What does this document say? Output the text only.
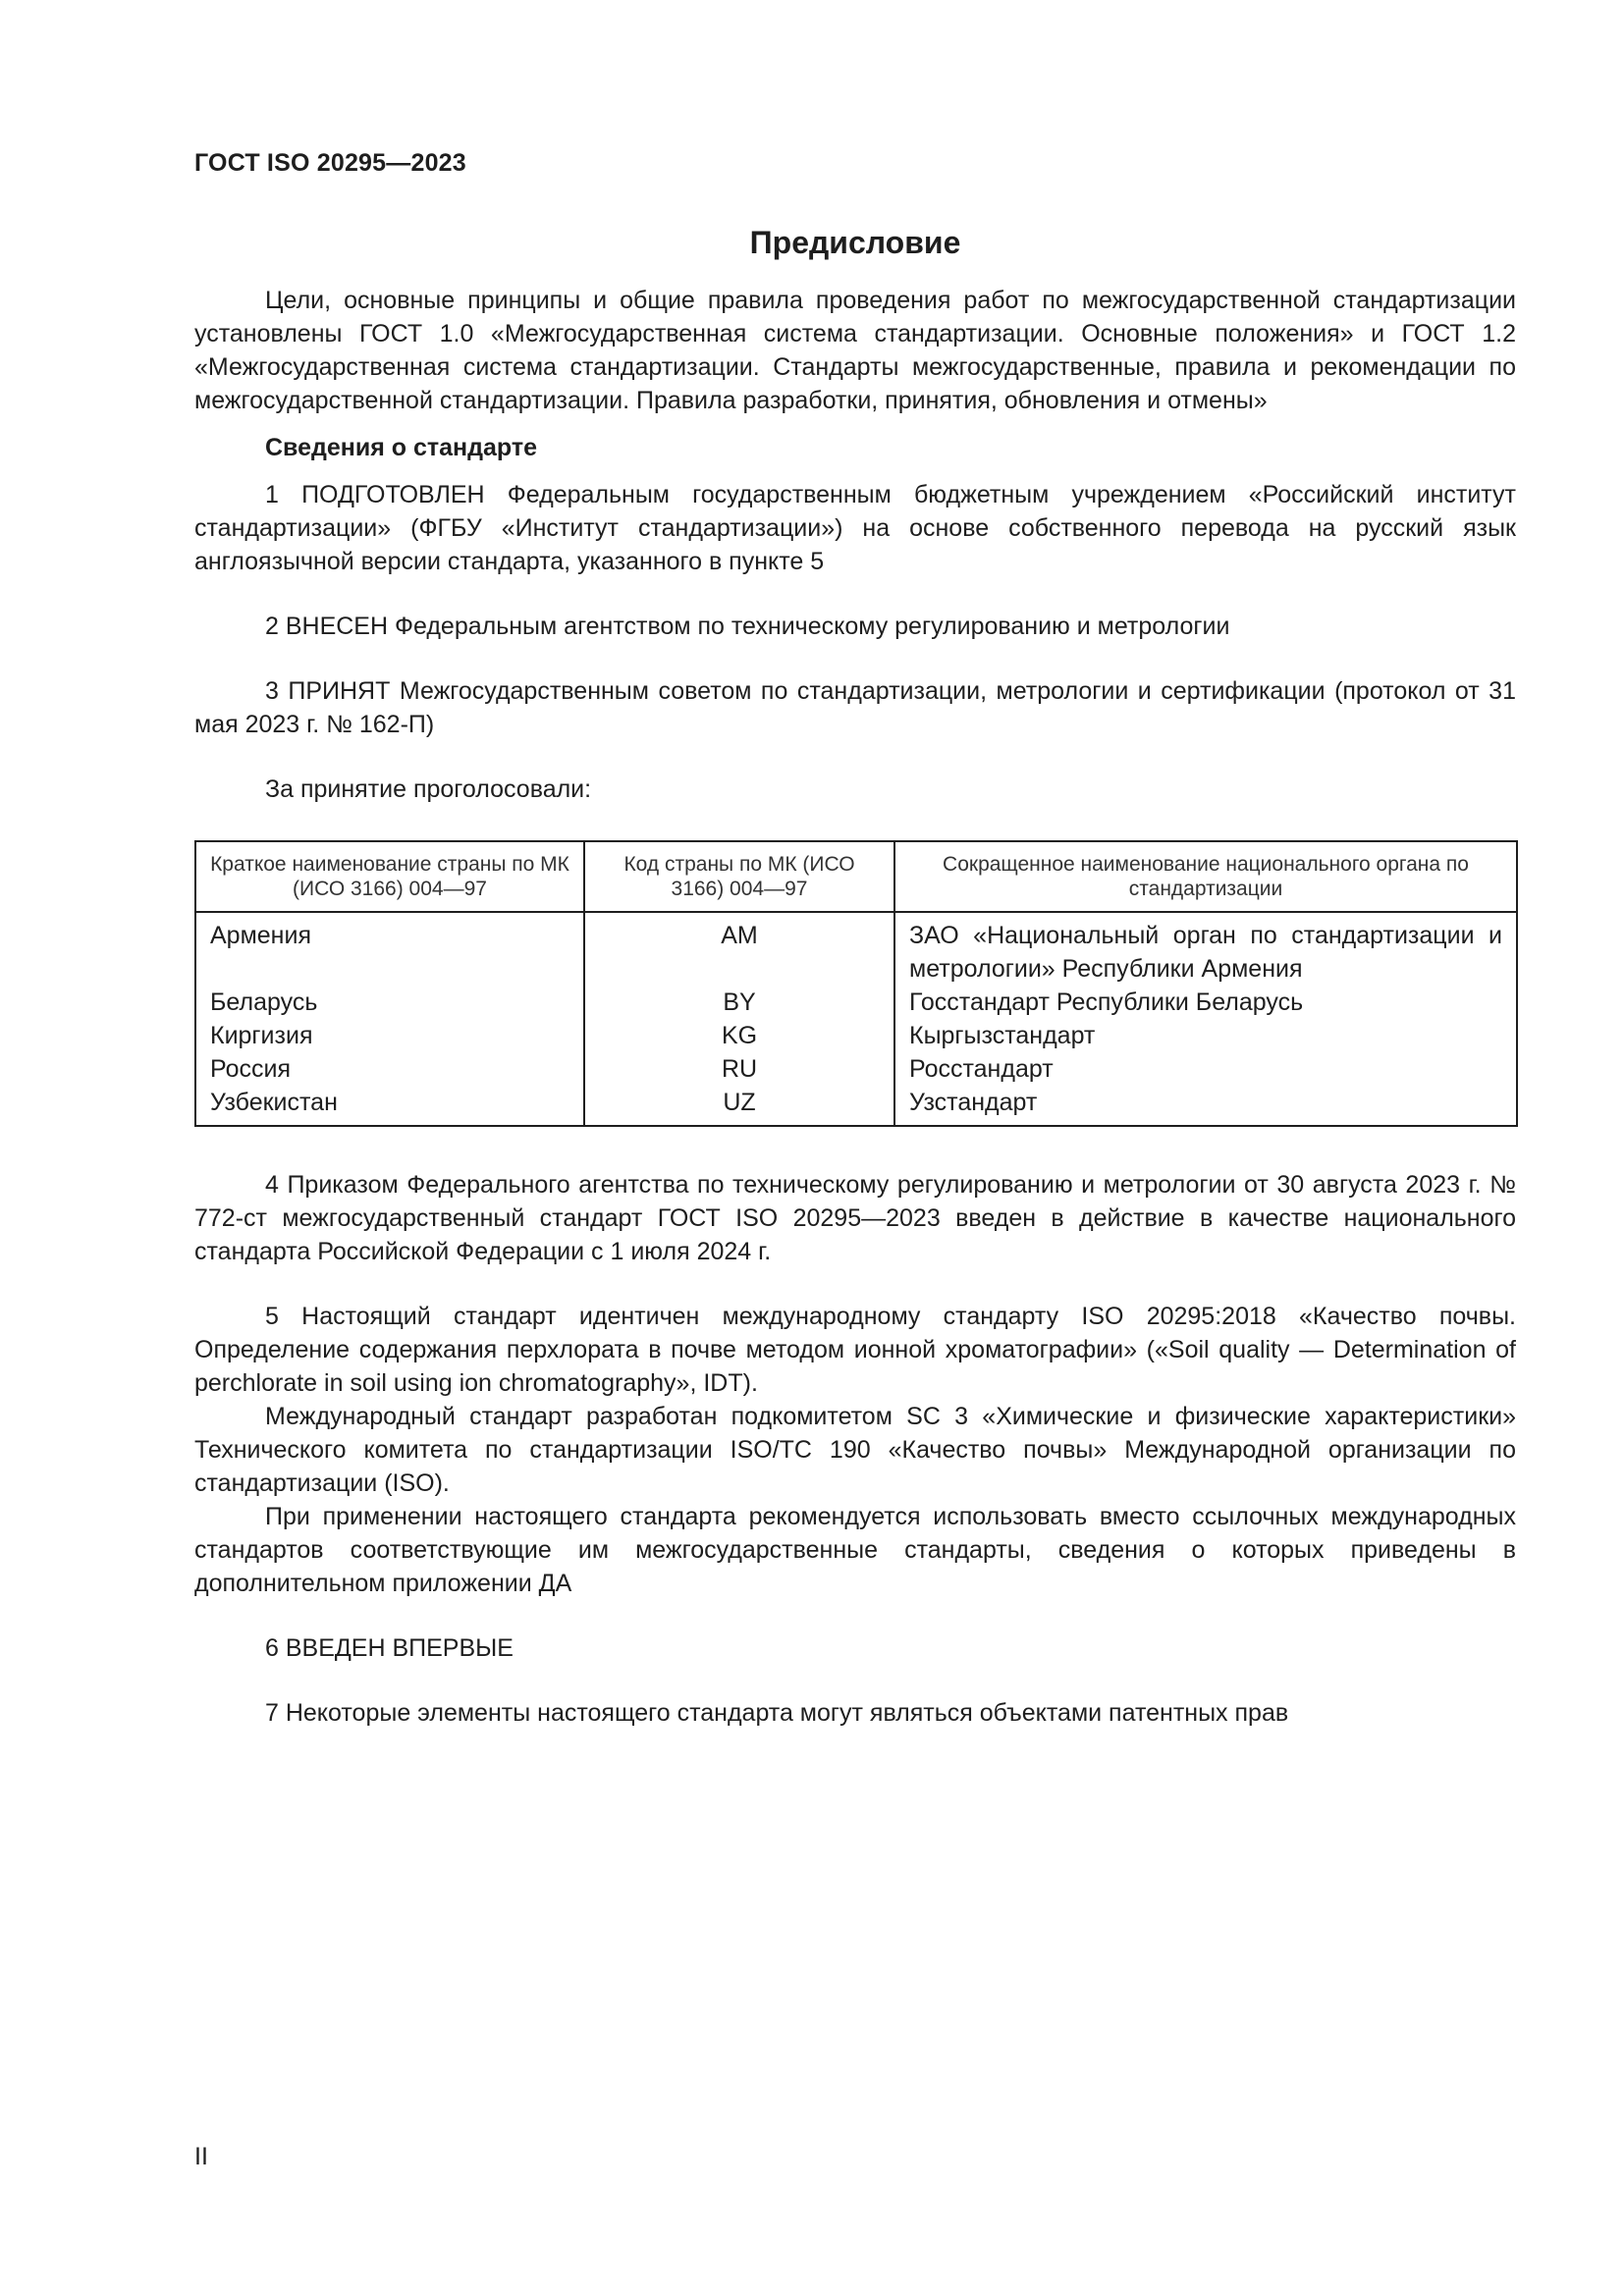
ГОСТ ISO 20295—2023
Предисловие

Цели, основные принципы и общие правила проведения работ по межгосударственной стандартизации установлены ГОСТ 1.0 «Межгосударственная система стандартизации. Основные положения» и ГОСТ 1.2 «Межгосударственная система стандартизации. Стандарты межгосударственные, правила и рекомендации по межгосударственной стандартизации. Правила разработки, принятия, обновления и отмены»

Сведения о стандарте

1 ПОДГОТОВЛЕН Федеральным государственным бюджетным учреждением «Российский институт стандартизации» (ФГБУ «Институт стандартизации») на основе собственного перевода на русский язык англоязычной версии стандарта, указанного в пункте 5

2 ВНЕСЕН Федеральным агентством по техническому регулированию и метрологии

3 ПРИНЯТ Межгосударственным советом по стандартизации, метрологии и сертификации (протокол от 31 мая 2023 г. № 162-П)

За принятие проголосовали:

Краткое наименование страны по МК (ИСО 3166) 004—97	Код страны по МК (ИСО 3166) 004—97	Сокращенное наименование национального органа по стандартизации
Армения	AM	ЗАО «Национальный орган по стандартизации и метрологии» Республики Армения
Беларусь	BY	Госстандарт Республики Беларусь
Киргизия	KG	Кыргызстандарт
Россия	RU	Росстандарт
Узбекистан	UZ	Узстандарт

4 Приказом Федерального агентства по техническому регулированию и метрологии от 30 августа 2023 г. № 772-ст межгосударственный стандарт ГОСТ ISO 20295—2023 введен в действие в качестве национального стандарта Российской Федерации с 1 июля 2024 г.

5 Настоящий стандарт идентичен международному стандарту ISO 20295:2018 «Качество почвы. Определение содержания перхлората в почве методом ионной хроматографии» («Soil quality — Determination of perchlorate in soil using ion chromatography», IDT).

Международный стандарт разработан подкомитетом SC 3 «Химические и физические характеристики» Технического комитета по стандартизации ISO/TC 190 «Качество почвы» Международной организации по стандартизации (ISO).

При применении настоящего стандарта рекомендуется использовать вместо ссылочных международных стандартов соответствующие им межгосударственные стандарты, сведения о которых приведены в дополнительном приложении ДА

6 ВВЕДЕН ВПЕРВЫЕ

7 Некоторые элементы настоящего стандарта могут являться объектами патентных прав

II
